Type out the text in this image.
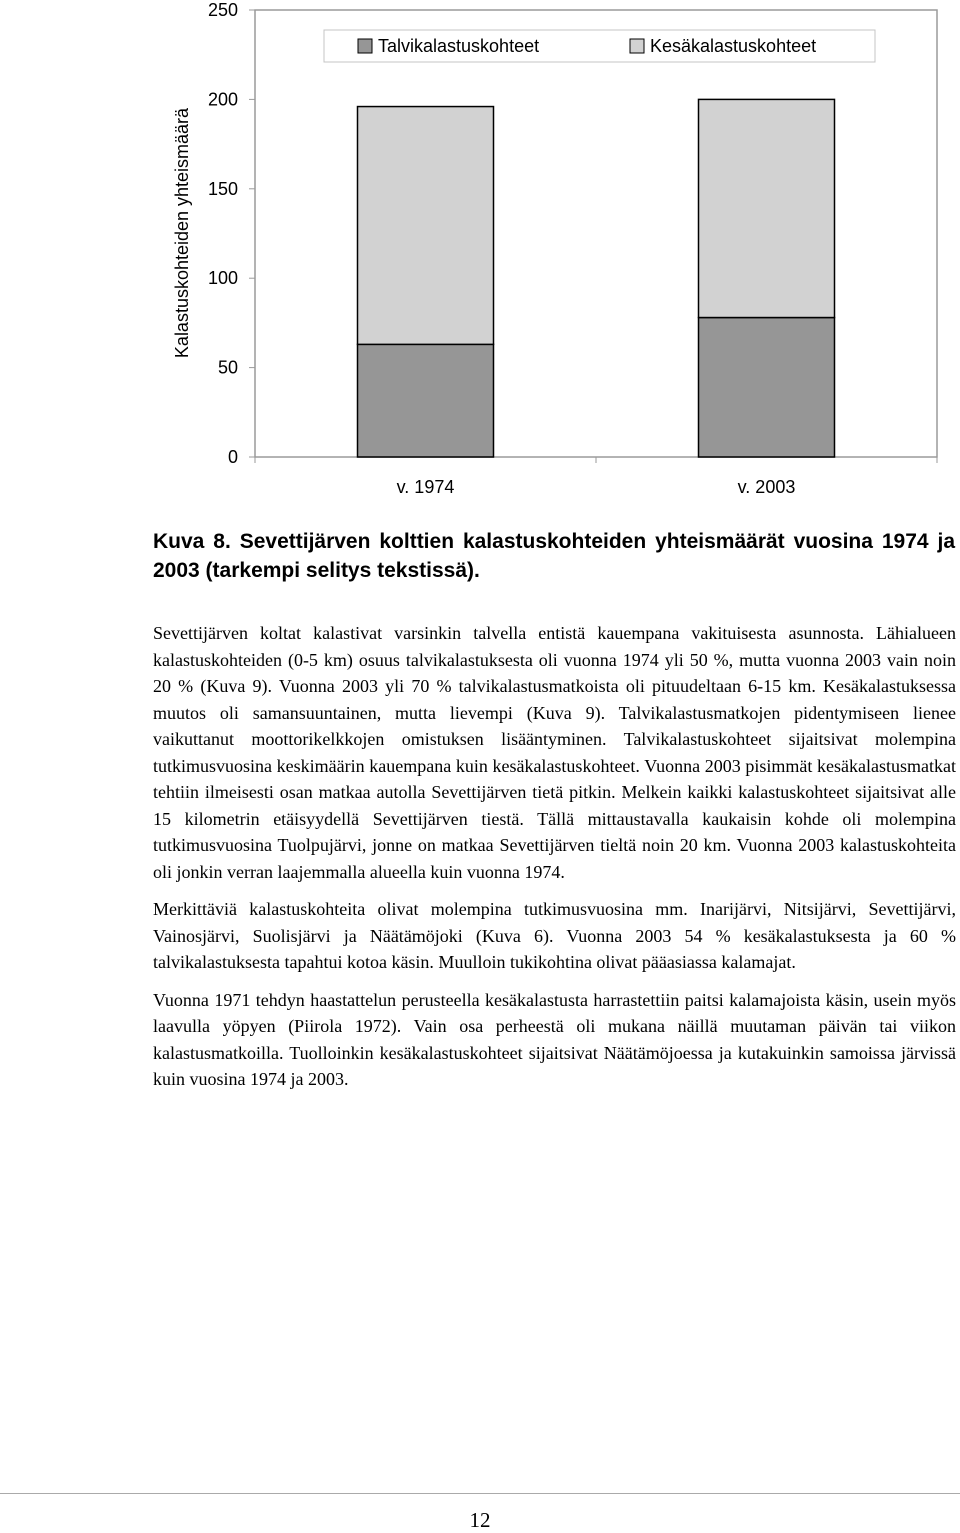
0
50
100
150
200
250
v. 1974	v. 2003
Talvikalastuskohteet	Kesäkalastuskohteet
Kalastuskohteiden yhteismäärä

Kuva 8. Sevettijärven kolttien kalastuskohteiden yhteismäärät vuosina 1974 ja 2003 (tarkempi selitys tekstissä).

Sevettijärven koltat kalastivat varsinkin talvella entistä kauempana vakituisesta asunnosta. Lähialueen kalastuskohteiden (0-5 km) osuus talvikalastuksesta oli vuonna 1974 yli 50 %, mutta vuonna 2003 vain noin 20 % (Kuva 9). Vuonna 2003 yli 70 % talvikalastusmatkoista oli pituudeltaan 6-15 km. Kesäkalastuksessa muutos oli samansuuntainen, mutta lievempi (Kuva 9). Talvikalastusmatkojen pidentymiseen lienee vaikuttanut moottorikelkkojen omistuksen lisääntyminen. Talvikalastuskohteet sijaitsivat molempina tutkimusvuosina keskimäärin kauempana kuin kesäkalastuskohteet. Vuonna 2003 pisimmät kesäkalastusmatkat tehtiin ilmeisesti osan matkaa autolla Sevettijärven tietä pitkin. Melkein kaikki kalastuskohteet sijaitsivat alle 15 kilometrin etäisyydellä Sevettijärven tiestä. Tällä mittaustavalla kaukaisin kohde oli molempina tutkimusvuosina Tuolpujärvi, jonne on matkaa Sevettijärven tieltä noin 20 km. Vuonna 2003 kalastuskohteita oli jonkin verran laajemmalla alueella kuin vuonna 1974.

Merkittäviä kalastuskohteita olivat molempina tutkimusvuosina mm. Inarijärvi, Nitsijärvi, Sevettijärvi, Vainosjärvi, Suolisjärvi ja Näätämöjoki (Kuva 6). Vuonna 2003 54 % kesäkalastuksesta ja 60 % talvikalastuksesta tapahtui kotoa käsin. Muulloin tukikohtina olivat pääasiassa kalamajat.

Vuonna 1971 tehdyn haastattelun perusteella kesäkalastusta harrastettiin paitsi kalamajoista käsin, usein myös laavulla yöpyen (Piirola 1972). Vain osa perheestä oli mukana näillä muutaman päivän tai viikon kalastusmatkoilla. Tuolloinkin kesäkalastuskohteet sijaitsivat Näätämöjoessa ja kutakuinkin samoissa järvissä kuin vuosina 1974 ja 2003.

12
